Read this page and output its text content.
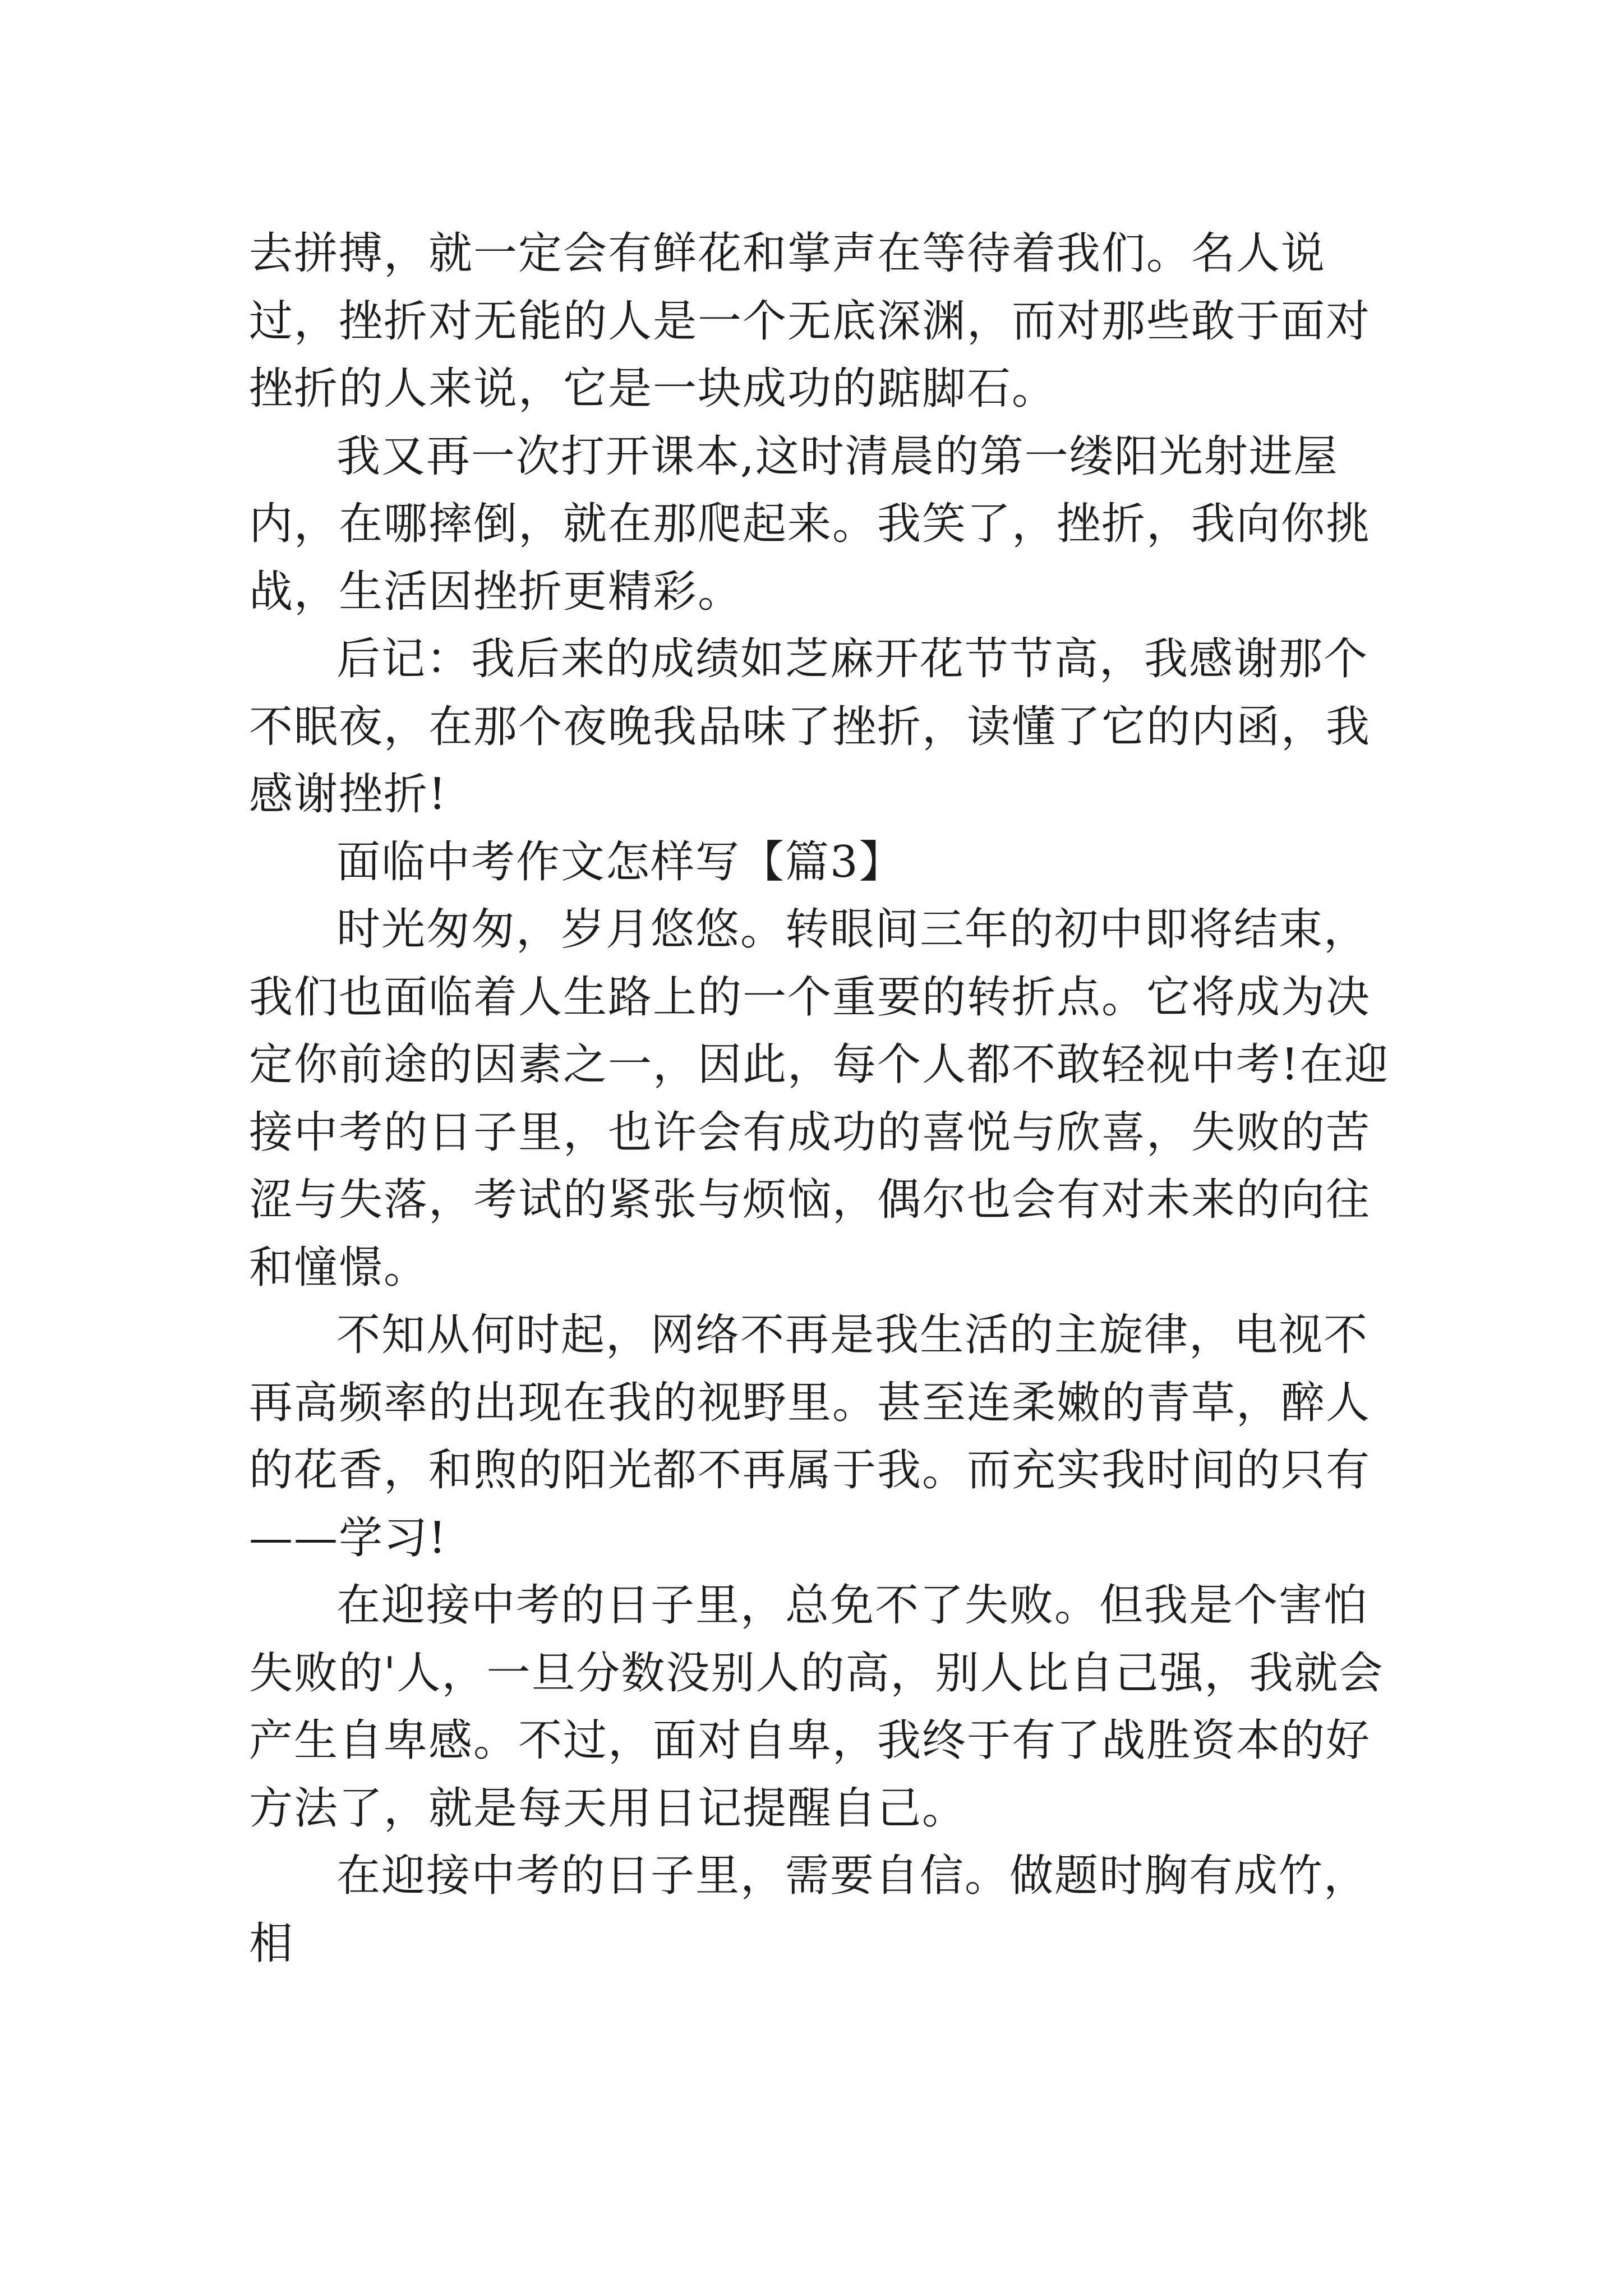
去拼搏，就一定会有鲜花和掌声在等待着我们。名人说过，挫折对无能的人是一个无底深渊，而对那些敢于面对挫折的人来说，它是一块成功的踮脚石。

我又再一次打开课本,这时清晨的第一缕阳光射进屋内，在哪摔倒，就在那爬起来。我笑了，挫折，我向你挑战，生活因挫折更精彩。

后记：我后来的成绩如芝麻开花节节高，我感谢那个不眠夜，在那个夜晚我品味了挫折，读懂了它的内函，我感谢挫折!

面临中考作文怎样写【篇3】

时光匆匆，岁月悠悠。转眼间三年的初中即将结束，我们也面临着人生路上的一个重要的转折点。它将成为决定你前途的因素之一，因此，每个人都不敢轻视中考!在迎接中考的日子里，也许会有成功的喜悦与欣喜，失败的苦涩与失落，考试的紧张与烦恼，偶尔也会有对未来的向往和憧憬。

不知从何时起，网络不再是我生活的主旋律，电视不再高频率的出现在我的视野里。甚至连柔嫩的青草，醉人的花香，和煦的阳光都不再属于我。而充实我时间的只有——学习!

在迎接中考的日子里，总免不了失败。但我是个害怕失败的'人，一旦分数没别人的高，别人比自己强，我就会产生自卑感。不过，面对自卑，我终于有了战胜资本的好方法了，就是每天用日记提醒自己。

在迎接中考的日子里，需要自信。做题时胸有成竹，相
